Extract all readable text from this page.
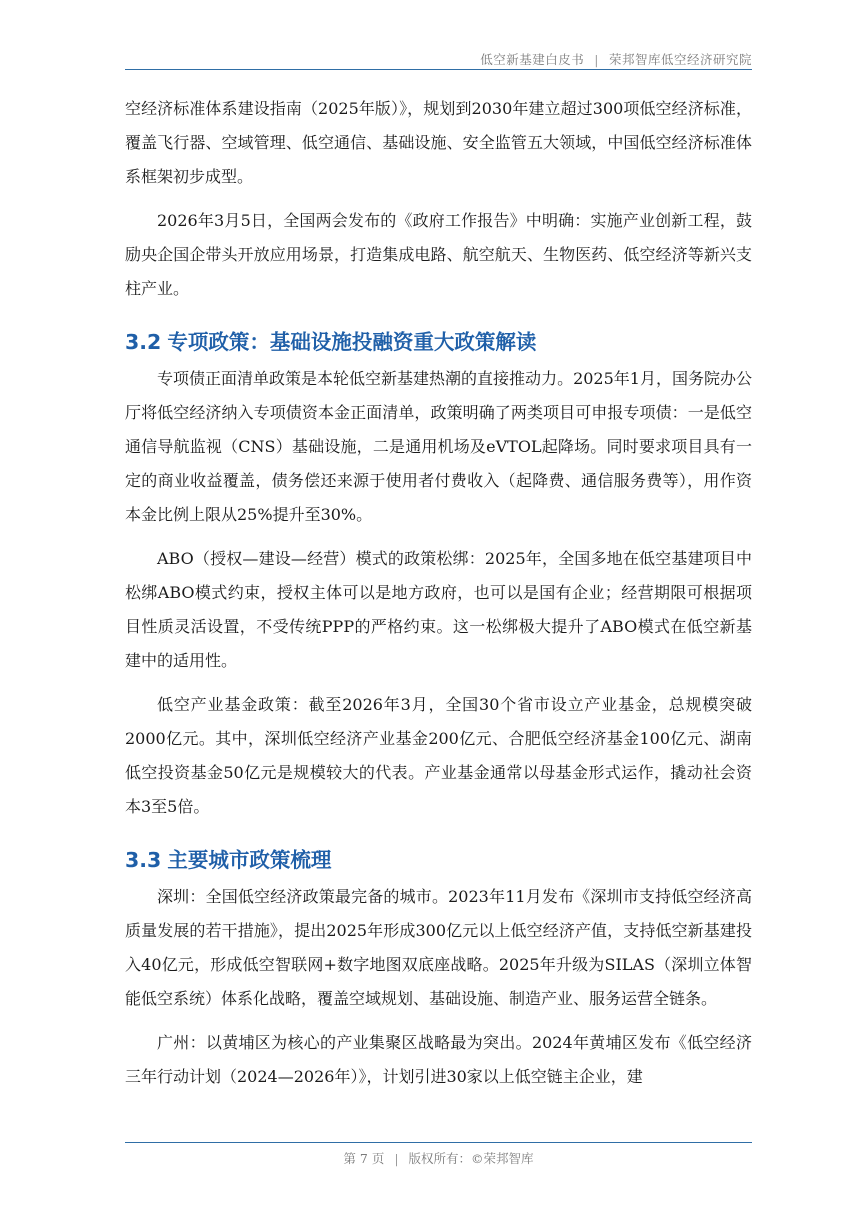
低空新基建白皮书 | 荣邦智库低空经济研究院

空经济标准体系建设指南（2025年版）》，规划到2030年建立超过300项低空经济标准，覆盖飞行器、空域管理、低空通信、基础设施、安全监管五大领域，中国低空经济标准体系框架初步成型。

2026年3月5日，全国两会发布的《政府工作报告》中明确：实施产业创新工程，鼓励央企国企带头开放应用场景，打造集成电路、航空航天、生物医药、低空经济等新兴支柱产业。

3.2 专项政策：基础设施投融资重大政策解读

专项债正面清单政策是本轮低空新基建热潮的直接推动力。2025年1月，国务院办公厅将低空经济纳入专项债资本金正面清单，政策明确了两类项目可申报专项债：一是低空通信导航监视（CNS）基础设施，二是通用机场及eVTOL起降场。同时要求项目具有一定的商业收益覆盖，债务偿还来源于使用者付费收入（起降费、通信服务费等），用作资本金比例上限从25%提升至30%。

ABO（授权—建设—经营）模式的政策松绑：2025年，全国多地在低空基建项目中松绑ABO模式约束，授权主体可以是地方政府，也可以是国有企业；经营期限可根据项目性质灵活设置，不受传统PPP的严格约束。这一松绑极大提升了ABO模式在低空新基建中的适用性。

低空产业基金政策：截至2026年3月，全国30个省市设立产业基金，总规模突破2000亿元。其中，深圳低空经济产业基金200亿元、合肥低空经济基金100亿元、湖南低空投资基金50亿元是规模较大的代表。产业基金通常以母基金形式运作，撬动社会资本3至5倍。

3.3 主要城市政策梳理

深圳：全国低空经济政策最完备的城市。2023年11月发布《深圳市支持低空经济高质量发展的若干措施》，提出2025年形成300亿元以上低空经济产值，支持低空新基建投入40亿元，形成低空智联网+数字地图双底座战略。2025年升级为SILAS（深圳立体智能低空系统）体系化战略，覆盖空域规划、基础设施、制造产业、服务运营全链条。

广州：以黄埔区为核心的产业集聚区战略最为突出。2024年黄埔区发布《低空经济三年行动计划（2024—2026年）》，计划引进30家以上低空链主企业，建

第 7 页 | 版权所有：©荣邦智库
